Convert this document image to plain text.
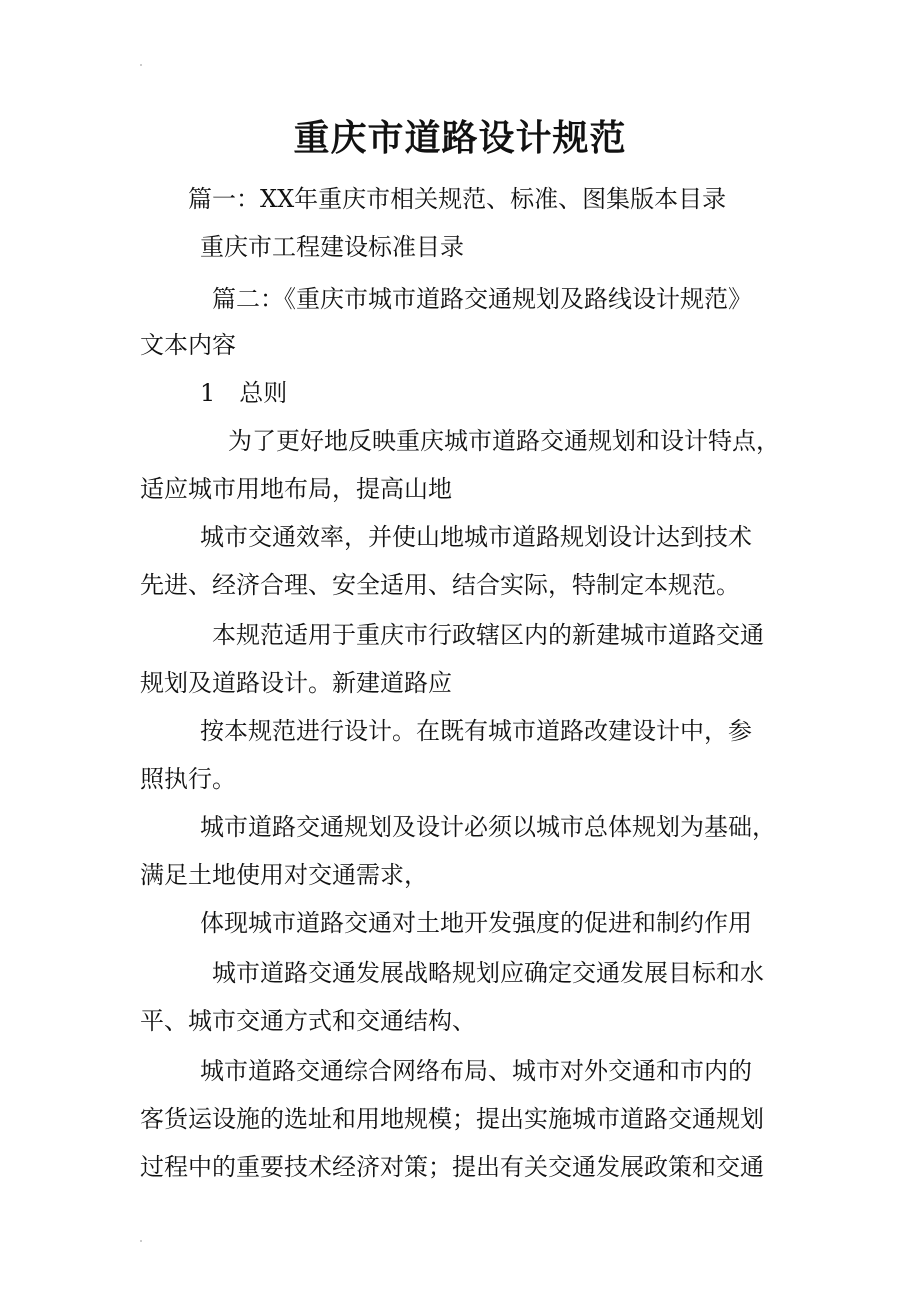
重庆市道路设计规范

篇一：XX年重庆市相关规范、标准、图集版本目录

重庆市工程建设标准目录

篇二：《重庆市城市道路交通规划及路线设计规范》

文本内容

1　总则

为了更好地反映重庆城市道路交通规划和设计特点，

适应城市用地布局，提高山地

城市交通效率，并使山地城市道路规划设计达到技术

先进、经济合理、安全适用、结合实际，特制定本规范。

本规范适用于重庆市行政辖区内的新建城市道路交通

规划及道路设计。新建道路应

按本规范进行设计。在既有城市道路改建设计中，参

照执行。

城市道路交通规划及设计必须以城市总体规划为基础，

满足土地使用对交通需求，

体现城市道路交通对土地开发强度的促进和制约作用

城市道路交通发展战略规划应确定交通发展目标和水

平、城市交通方式和交通结构、

城市道路交通综合网络布局、城市对外交通和市内的

客货运设施的选址和用地规模；提出实施城市道路交通规划

过程中的重要技术经济对策；提出有关交通发展政策和交通
